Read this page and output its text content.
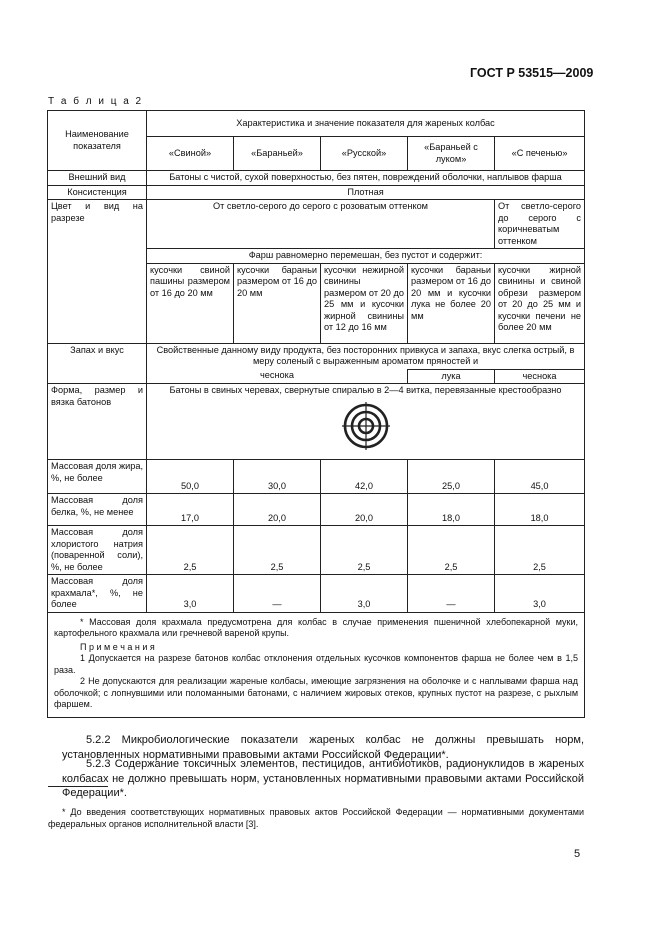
ГОСТ Р 53515—2009
Т а б л и ц а 2
Наименование показателя	Характеристика и значение показателя для жареных колбас				
	«Свиной»	«Бараньей»	«Русской»	«Бараньей с луком»	«С печенью»
Внешний вид	Батоны с чистой, сухой поверхностью, без пятен, повреждений оболочки, наплывов фарша				
Консистенция	Плотная				
Цвет и вид на разрезе	От светло-серого до серого с розоватым оттенком				От светло-серого до серого с коричневатым оттенком
	Фарш равномерно перемешан, без пустот и содержит:				
	кусочки свиной пашины размером от 16 до 20 мм	кусочки бараньи размером от 16 до 20 мм	кусочки нежирной свинины размером от 20 до 25 мм и кусочки жирной свинины от 12 до 16 мм	кусочки бараньи размером от 16 до 20 мм и кусочки лука не более 20 мм	кусочки жирной свинины и свиной обрези размером от 20 до 25 мм и кусочки печени не более 20 мм
Запах и вкус	Свойственные данному виду продукта, без посторонних привкуса и запаха, вкус слегка острый, в меру соленый с выраженным ароматом пряностей и				
	чеснока			лука	чеснока
Форма, размер и вязка батонов	Батоны в свиных черевах, свернутые спиралью в 2—4 витка, перевязанные крестообразно				

Массовая доля жира, %, не более	50,0	30,0	42,0	25,0	45,0
Массовая доля белка, %, не менее	17,0	20,0	20,0	18,0	18,0
Массовая доля хлористого натрия (поваренной соли), %, не более	2,5	2,5	2,5	2,5	2,5
Массовая доля крахмала*, %, не более	3,0	—	3,0	—	3,0

* Массовая доля крахмала предусмотрена для колбас в случае применения пшеничной хлебопекарной муки, картофельного крахмала или гречневой вареной крупы.

П р и м е ч а н и я

1 Допускается на разрезе батонов колбас отклонения отдельных кусочков компонентов фарша не более чем в 1,5 раза.

2 Не допускаются для реализации жареные колбасы, имеющие загрязнения на оболочке и с наплывами фарша над оболочкой; с лопнувшими или поломанными батонами, с наличием жировых отеков, крупных пустот на разрезе, с рыхлым фаршем.					

5.2.2 Микробиологические показатели жареных колбас не должны превышать норм, установленных нормативными правовыми актами Российской Федерации*.

5.2.3 Содержание токсичных элементов, пестицидов, антибиотиков, радионуклидов в жареных колбасах не должно превышать норм, установленных нормативными правовыми актами Российской Федерации*.

* До введения соответствующих нормативных правовых актов Российской Федерации — нормативными документами федеральных органов исполнительной власти [3].
5
